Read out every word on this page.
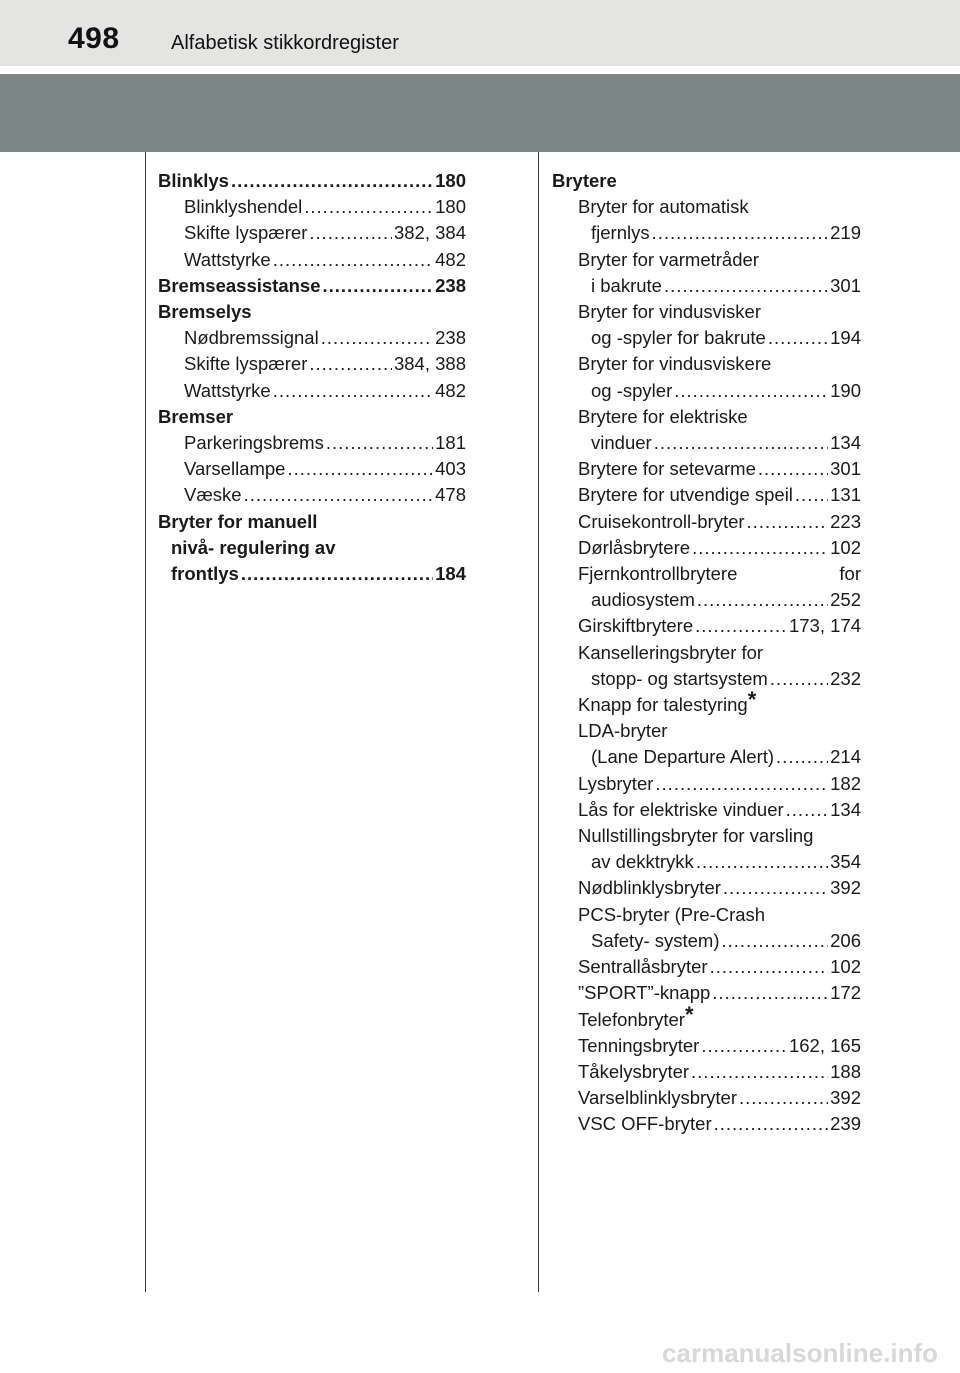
498	Alfabetisk stikkordregister
Blinklys .....	180
Blinklyshendel .....	180
Skifte lyspærer .....	382, 384
Wattstyrke .....	482
Bremseassistanse .....	238
Bremselys
Nødbremssignal .....	238
Skifte lyspærer .....	384, 388
Wattstyrke .....	482
Bremser
Parkeringsbrems .....	181
Varsellampe .....	403
Væske .....	478
Bryter for manuell
nivå- regulering av
frontlys .....	184
Brytere
Bryter for automatisk
fjernlys .....	219
Bryter for varmetråder
i bakrute .....	301
Bryter for vindusvisker
og -spyler for bakrute .....	194
Bryter for vindusviskere
og -spyler .....	190
Brytere for elektriske
vinduer .....	134
Brytere for setevarme .....	301
Brytere for utvendige speil ..... 131
Cruisekontroll-bryter .....	223
Dørlåsbrytere .....	102
Fjernkontrollbrytere	for
audiosystem .....	252
Girskiftbrytere .....	173, 174
Kanselleringsbryter for
stopp- og startsystem .....	232
Knapp for talestyring*
LDA-bryter
(Lane Departure Alert) .....	214
Lysbryter .....	182
Lås for elektriske vinduer .....	134
Nullstillingsbryter for varsling
av dekktrykk .....	354
Nødblinklysbryter .....	392
PCS-bryter (Pre-Crash
Safety- system) .....	206
Sentrallåsbryter .....	102
”SPORT”-knapp .....	172
Telefonbryter*
Tenningsbryter .....	162, 165
Tåkelysbryter .....	188
Varselblinklysbryter .....	392
VSC OFF-bryter .....	239
carmanualsonline.info
